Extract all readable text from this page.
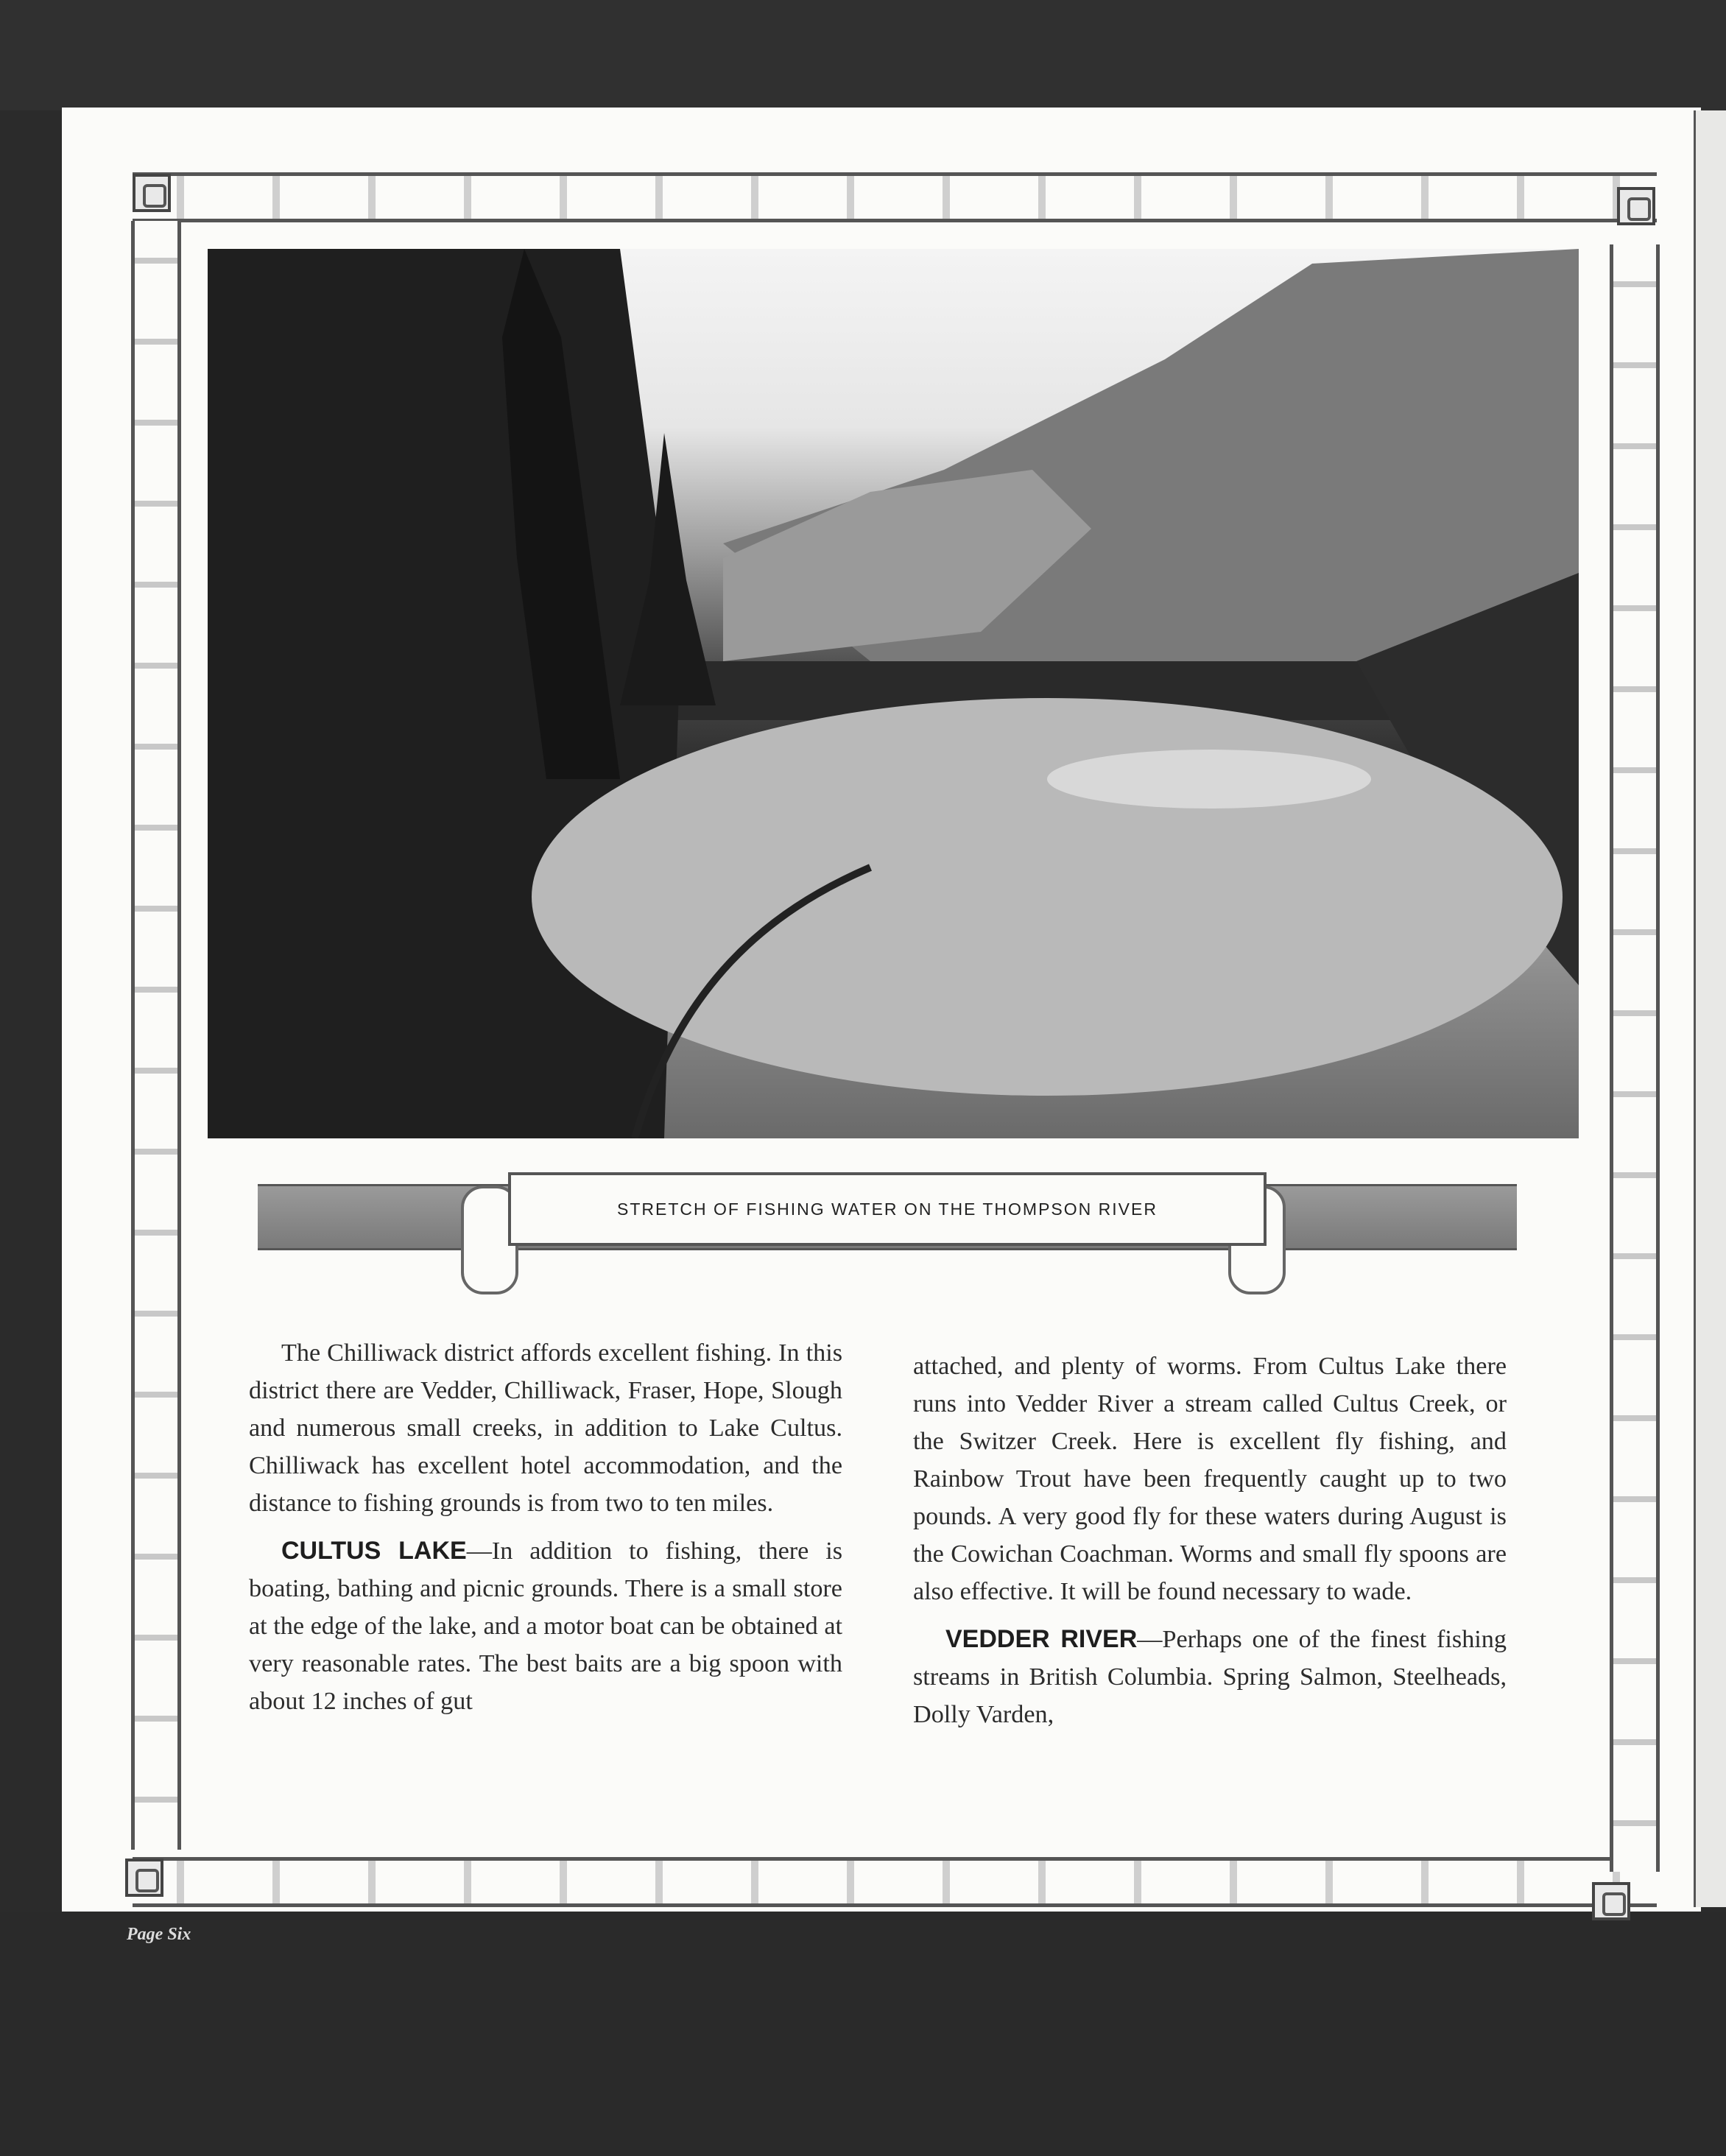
STRETCH OF FISHING WATER ON THE THOMPSON RIVER

The Chilliwack district affords excellent fishing. In this district there are Vedder, Chilliwack, Fraser, Hope, Slough and numerous small creeks, in addition to Lake Cultus. Chilliwack has excellent hotel accommodation, and the distance to fishing grounds is from two to ten miles.

CULTUS LAKE—In addition to fishing, there is boating, bathing and picnic grounds. There is a small store at the edge of the lake, and a motor boat can be obtained at very reasonable rates. The best baits are a big spoon with about 12 inches of gut

attached, and plenty of worms. From Cultus Lake there runs into Vedder River a stream called Cultus Creek, or the Switzer Creek. Here is excellent fly fishing, and Rainbow Trout have been frequently caught up to two pounds. A very good fly for these waters during August is the Cowichan Coachman. Worms and small fly spoons are also effective. It will be found necessary to wade.

VEDDER RIVER—Perhaps one of the finest fishing streams in British Columbia. Spring Salmon, Steelheads, Dolly Varden,

Page Six
